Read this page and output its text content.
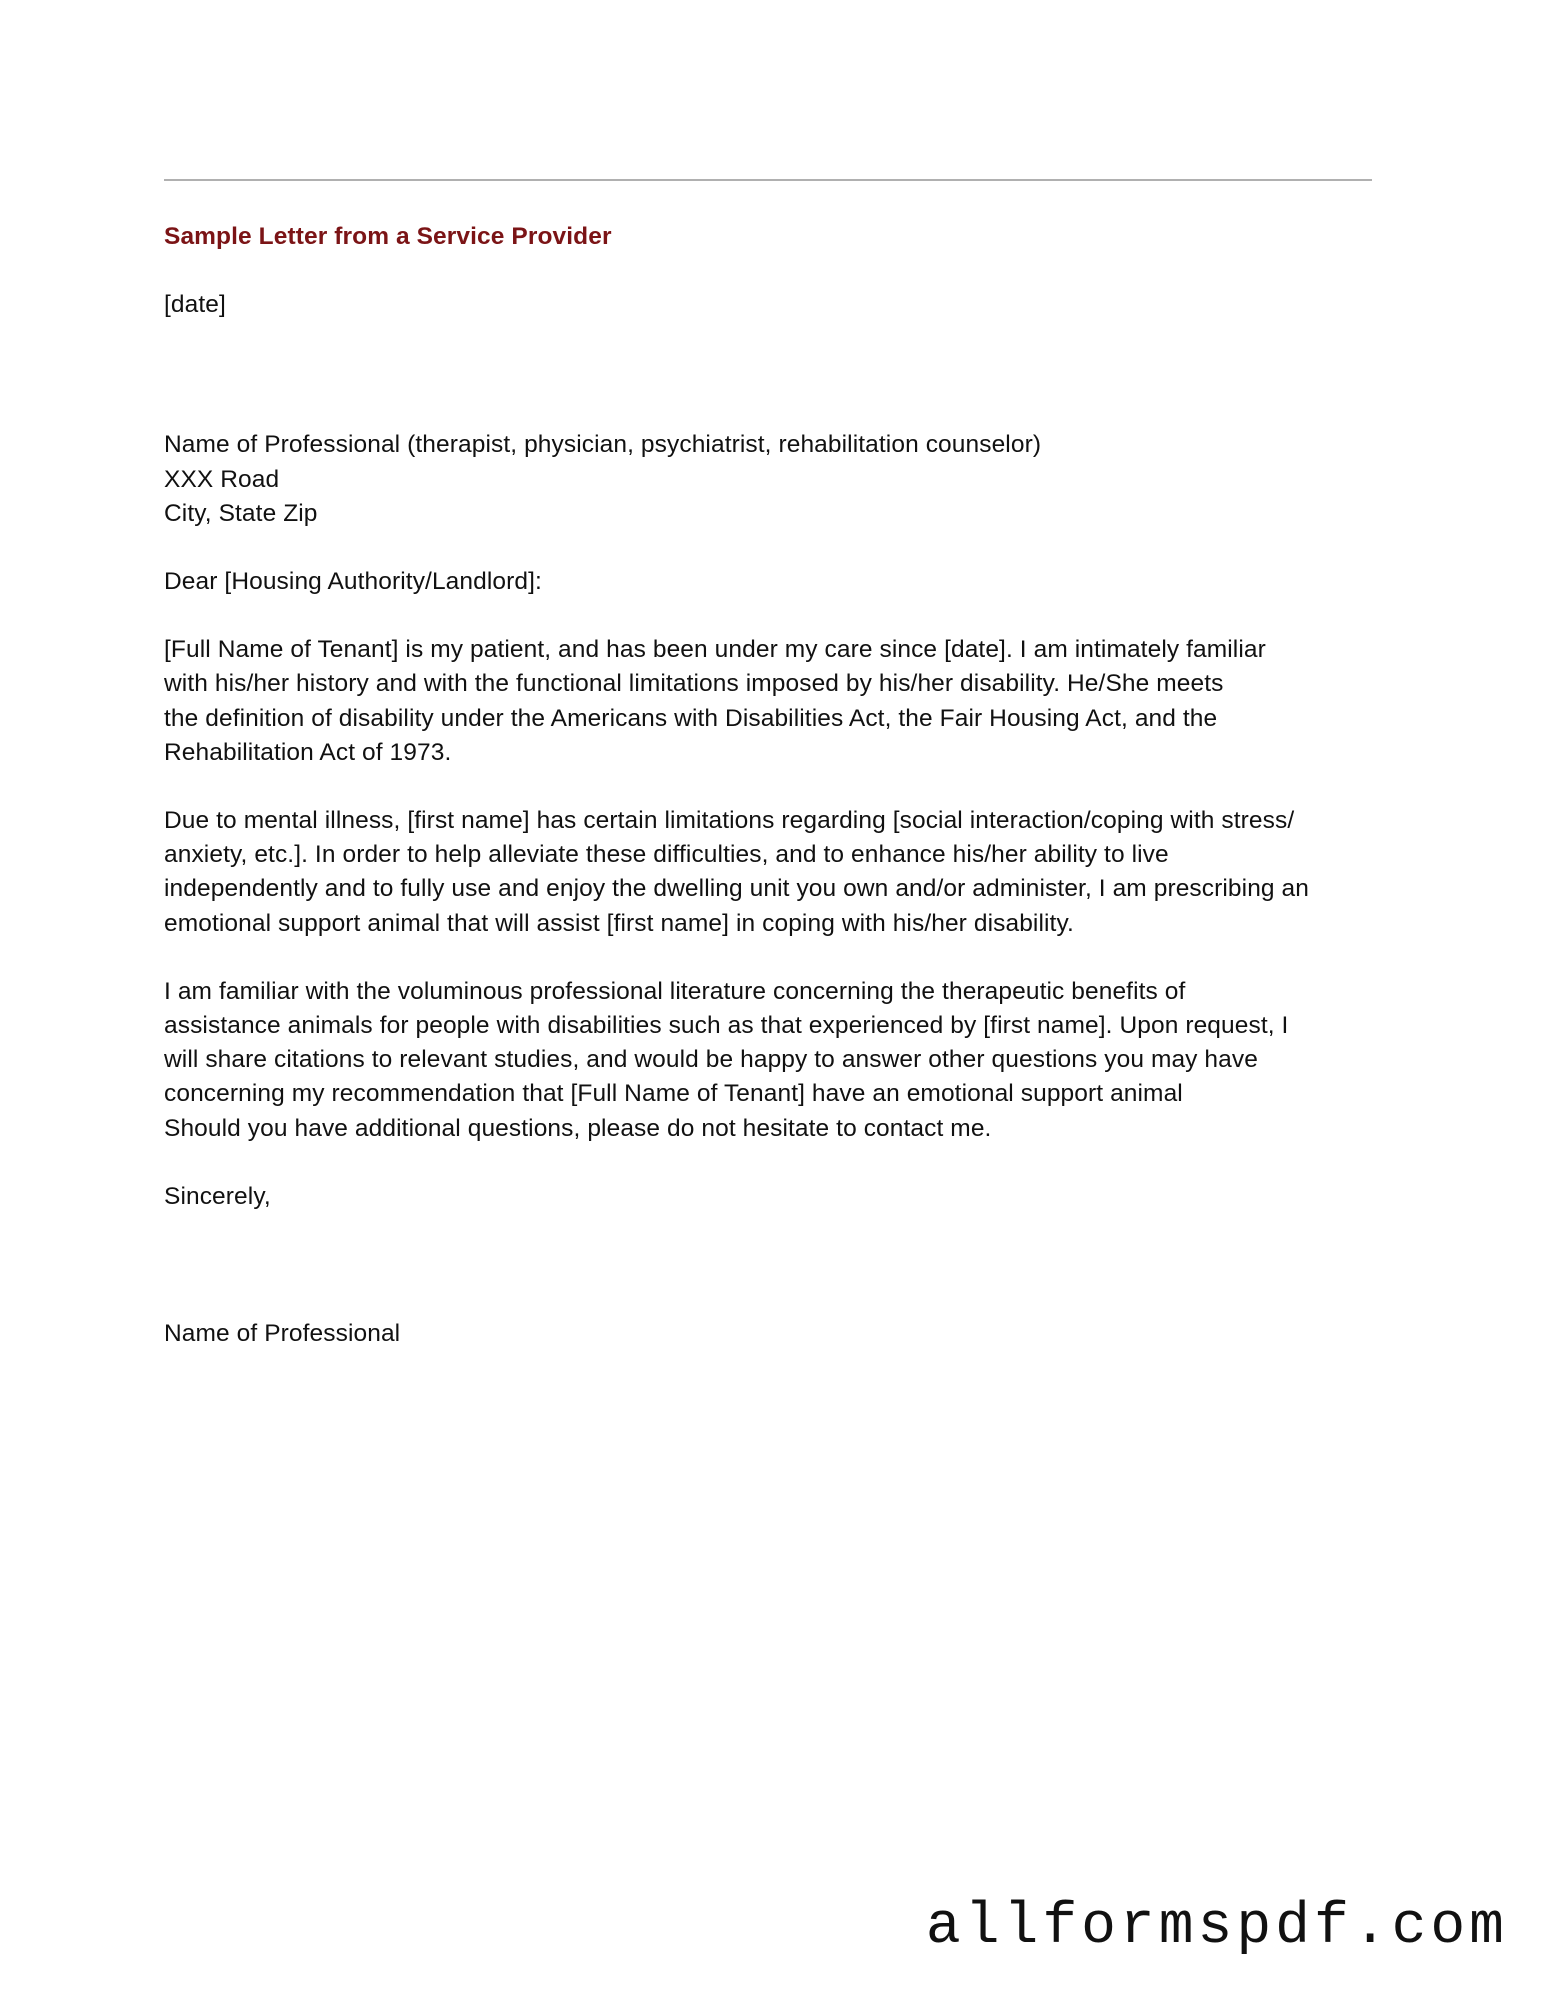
Sample Letter from a Service Provider

[date]
Name of Professional (therapist, physician, psychiatrist, rehabilitation counselor)
XXX Road
City, State Zip
Dear [Housing Authority/Landlord]:
[Full Name of Tenant] is my patient, and has been under my care since [date]. I am intimately familiar
with his/her history and with the functional limitations imposed by his/her disability. He/She meets
the definition of disability under the Americans with Disabilities Act, the Fair Housing Act, and the
Rehabilitation Act of 1973.
Due to mental illness, [first name] has certain limitations regarding [social interaction/coping with stress/
anxiety, etc.]. In order to help alleviate these difficulties, and to enhance his/her ability to live
independently and to fully use and enjoy the dwelling unit you own and/or administer, I am prescribing an
emotional support animal that will assist [first name] in coping with his/her disability.
I am familiar with the voluminous professional literature concerning the therapeutic benefits of
assistance animals for people with disabilities such as that experienced by [first name]. Upon request, I
will share citations to relevant studies, and would be happy to answer other questions you may have
concerning my recommendation that [Full Name of Tenant] have an emotional support animal
Should you have additional questions, please do not hesitate to contact me.
Sincerely,
Name of Professional
allformspdf.com
